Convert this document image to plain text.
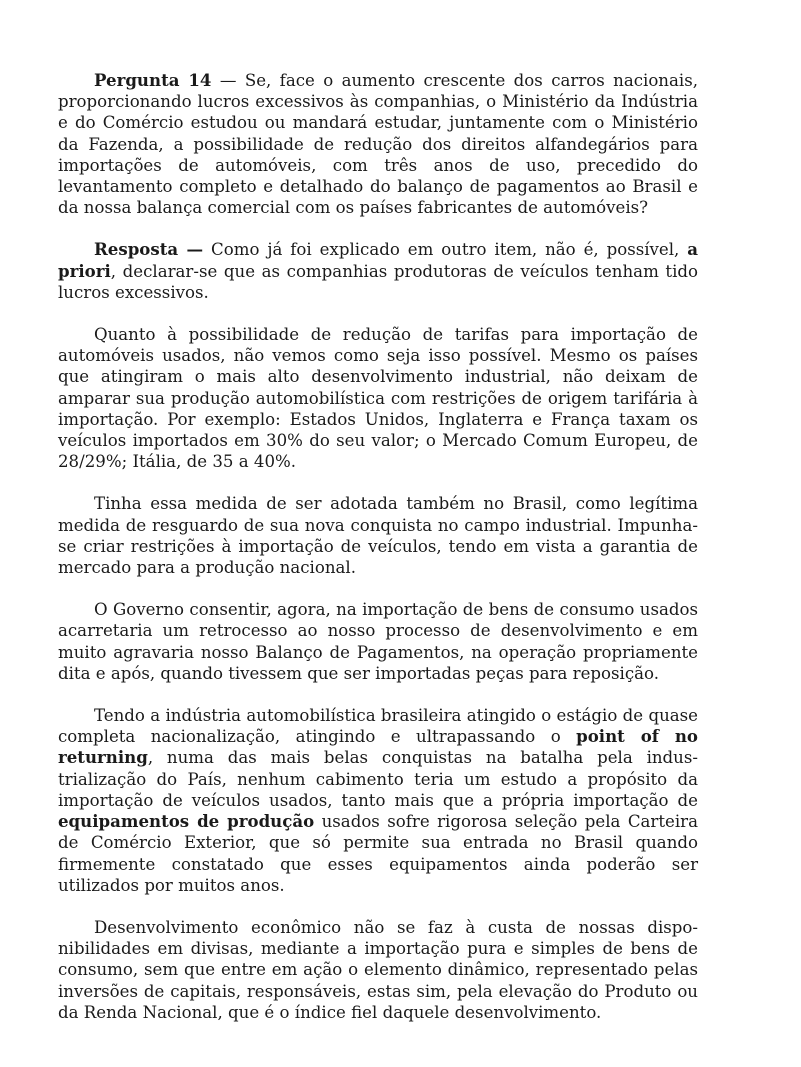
Pergunta 14 — Se, face o aumento crescente dos carros nacionais, proporcionando lucros excessivos às companhias, o Ministério da Indústria e do Comércio estudou ou mandará estudar, juntamente com o Ministério da Fazenda, a possibilidade de redução dos direitos alfandegários para importações de automóveis, com três anos de uso, precedido do levantamento completo e detalhado do balanço de pagamentos ao Brasil e da nossa balança comercial com os países fabricantes de automóveis?

Resposta — Como já foi explicado em outro item, não é, possível, a priori, declarar-se que as companhias produtoras de veículos tenham tido lucros excessivos.

Quanto à possibilidade de redução de tarifas para importação de automóveis usados, não vemos como seja isso possível. Mesmo os países que atingiram o mais alto desenvolvimento industrial, não deixam de amparar sua produção automobilística com restrições de origem tarifária à importação. Por exemplo: Estados Unidos, Inglaterra e França taxam os veículos importados em 30% do seu valor; o Mercado Comum Europeu, de 28/29%; Itália, de 35 a 40%.

Tinha essa medida de ser adotada também no Brasil, como legítima medida de resguardo de sua nova conquista no campo industrial. Impunha-se criar restrições à importação de veículos, tendo em vista a garantia de mercado para a produção nacional.

O Governo consentir, agora, na importação de bens de consumo usados acarretaria um retrocesso ao nosso processo de desenvolvimento e em muito agravaria nosso Balanço de Pagamentos, na operação propriamente dita e após, quando tivessem que ser importadas peças para reposição.

Tendo a indústria automobilística brasileira atingido o estágio de quase completa nacionalização, atingindo e ultrapassando o point of no returning, numa das mais belas conquistas na batalha pela industrialização do País, nenhum cabimento teria um estudo a propósito da importação de veículos usados, tanto mais que a própria importação de equipamentos de produção usados sofre rigorosa seleção pela Carteira de Comércio Exterior, que só permite sua entrada no Brasil quando firmemente constatado que esses equipamentos ainda poderão ser utilizados por muitos anos.

Desenvolvimento econômico não se faz à custa de nossas disponibilidades em divisas, mediante a importação pura e simples de bens de consumo, sem que entre em ação o elemento dinâmico, representado pelas inversões de capitais, responsáveis, estas sim, pela elevação do Produto ou da Renda Nacional, que é o índice fiel daquele desenvolvimento.
